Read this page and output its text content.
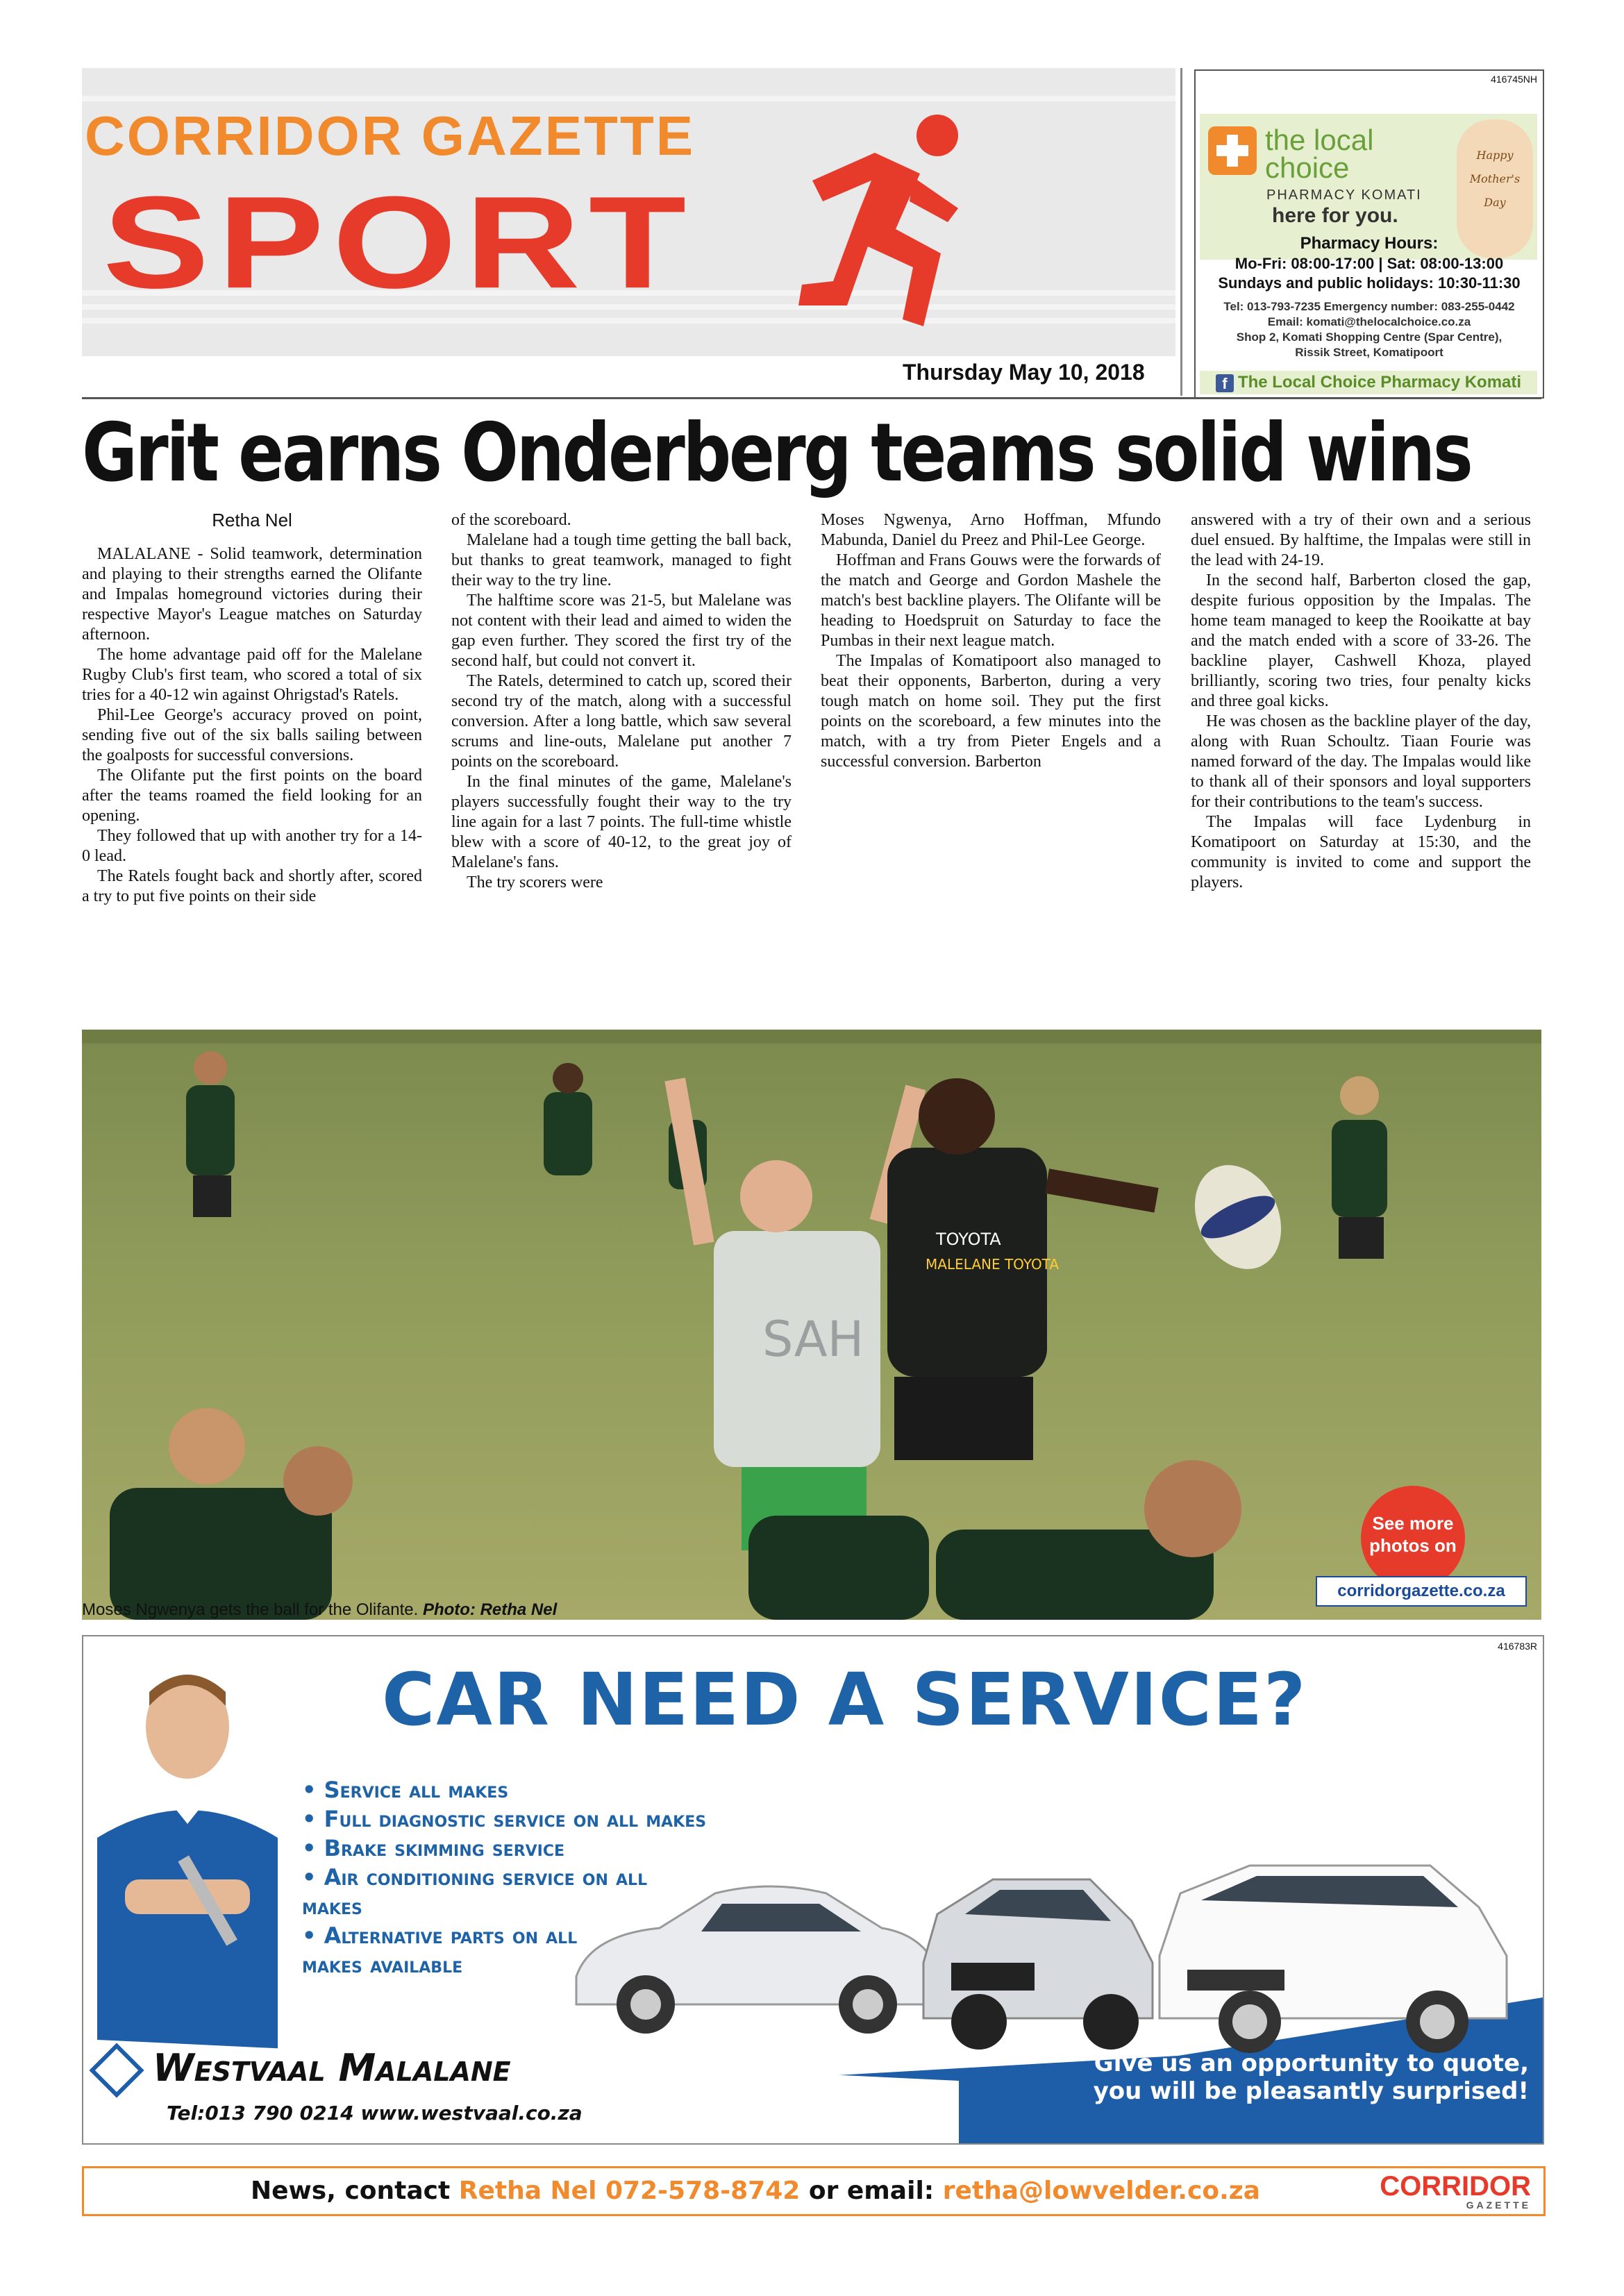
CORRIDOR GAZETTE
SPORT
Thursday May 10, 2018
416745NH
the local
choice
PHARMACY KOMATI
here for you.
Happy
Mother's
Day
Pharmacy Hours:
Mo-Fri: 08:00-17:00 | Sat: 08:00-13:00
Sundays and public holidays: 10:30-11:30
Tel: 013-793-7235 Emergency number: 083-255-0442
Email: komati@thelocalchoice.co.za
Shop 2, Komati Shopping Centre (Spar Centre),
Rissik Street, Komatipoort
f The Local Choice Pharmacy Komati
Grit earns Onderberg teams solid wins

Retha Nel

MALALANE - Solid teamwork, determination and playing to their strengths earned the Olifante and Impalas homeground victories during their respective Mayor's League matches on Saturday afternoon.

The home advantage paid off for the Malelane Rugby Club's first team, who scored a total of six tries for a 40-12 win against Ohrigstad's Ratels.

Phil-Lee George's accuracy proved on point, sending five out of the six balls sailing between the goalposts for successful conversions.

The Olifante put the first points on the board after the teams roamed the field looking for an opening.

They followed that up with another try for a 14-0 lead.

The Ratels fought back and shortly after, scored a try to put five points on their side

of the scoreboard.

Malelane had a tough time getting the ball back, but thanks to great teamwork, managed to fight their way to the try line.

The halftime score was 21-5, but Malelane was not content with their lead and aimed to widen the gap even further. They scored the first try of the second half, but could not convert it.

The Ratels, determined to catch up, scored their second try of the match, along with a successful conversion. After a long battle, which saw several scrums and line-outs, Malelane put another 7 points on the scoreboard.

In the final minutes of the game, Malelane's players successfully fought their way to the try line again for a last 7 points. The full-time whistle blew with a score of 40-12, to the great joy of Malelane's fans.

The try scorers were

Moses Ngwenya, Arno Hoffman, Mfundo Mabunda, Daniel du Preez and Phil-Lee George.

Hoffman and Frans Gouws were the forwards of the match and George and Gordon Mashele the match's best backline players. The Olifante will be heading to Hoedspruit on Saturday to face the Pumbas in their next league match.

The Impalas of Komatipoort also managed to beat their opponents, Barberton, during a very tough match on home soil. They put the first points on the scoreboard, a few minutes into the match, with a try from Pieter Engels and a successful conversion. Barberton

answered with a try of their own and a serious duel ensued. By halftime, the Impalas were still in the lead with 24-19.

In the second half, Barberton closed the gap, despite furious opposition by the Impalas. The home team managed to keep the Rooikatte at bay and the match ended with a score of 33-26. The backline player, Cashwell Khoza, played brilliantly, scoring two tries, four penalty kicks and three goal kicks.

He was chosen as the backline player of the day, along with Ruan Schoultz. Tiaan Fourie was named forward of the day. The Impalas would like to thank all of their sponsors and loyal supporters for their contributions to the team's success.

The Impalas will face Lydenburg in Komatipoort on Saturday at 15:30, and the community is invited to come and support the players.

SAH
TOYOTA
MALELANE TOYOTA
See more
photos on
corridorgazette.co.za
Moses Ngwenya gets the ball for the Olifante. Photo: Retha Nel
416783R
CAR NEED A SERVICE?
• Service all makes
• Full diagnostic service on all makes
• Brake skimming service
• Air conditioning service on all makes
• Alternative parts on all makes available
Westvaal Malalane
Tel:013 790 0214 www.westvaal.co.za
Give us an opportunity to quote,
you will be pleasantly surprised!
News, contact Retha Nel 072-578-8742 or email: retha@lowvelder.co.za	CORRIDOR
GAZETTE
